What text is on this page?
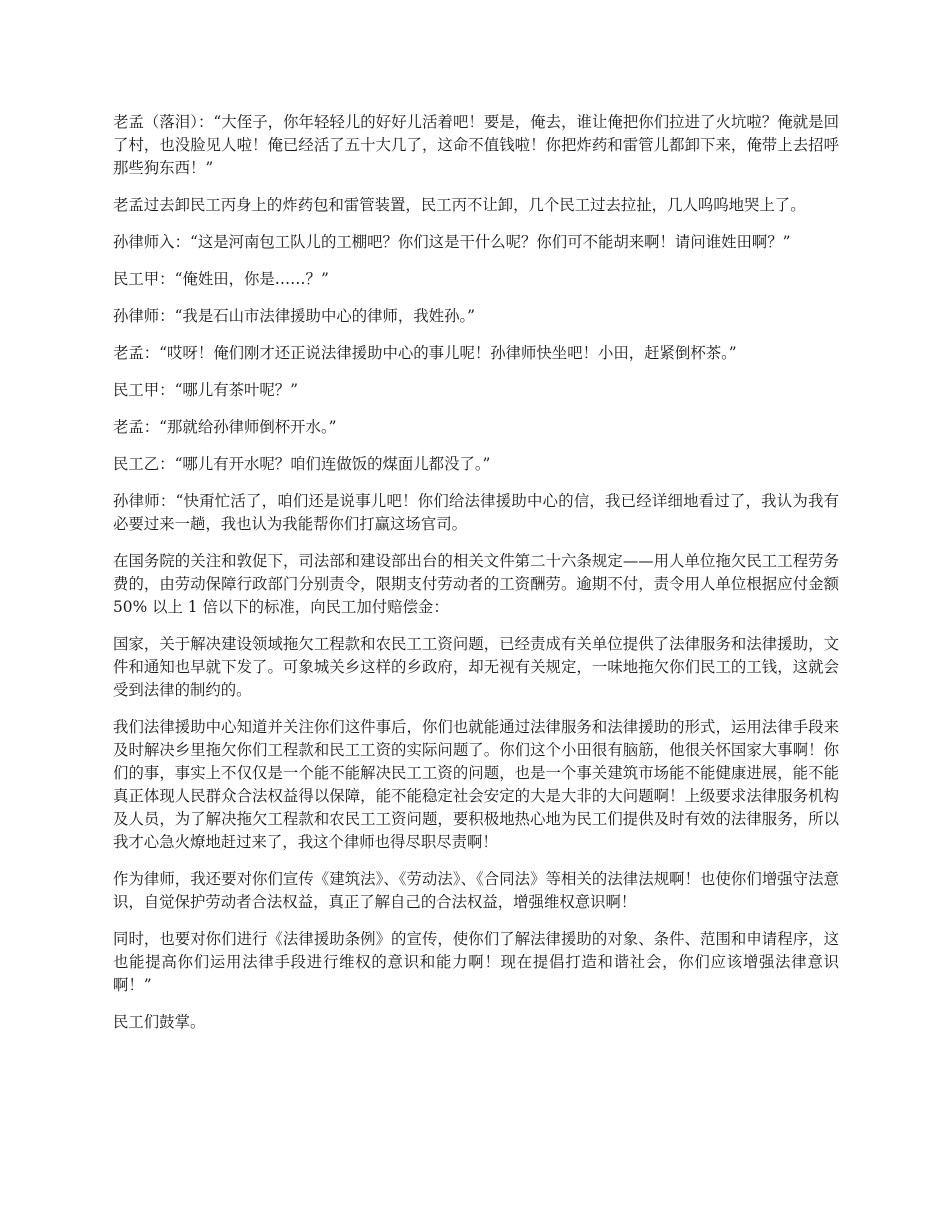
老孟（落泪）：“大侄子，你年轻轻儿的好好儿活着吧！要是，俺去，谁让俺把你们拉进了火坑啦？俺就是回了村，也没脸见人啦！俺已经活了五十大几了，这命不值钱啦！你把炸药和雷管儿都卸下来，俺带上去招呼那些狗东西！”

老孟过去卸民工丙身上的炸药包和雷管装置，民工丙不让卸，几个民工过去拉扯，几人呜呜地哭上了。

孙律师入：“这是河南包工队儿的工棚吧？你们这是干什么呢？你们可不能胡来啊！请问谁姓田啊？”

民工甲：“俺姓田，你是……？”

孙律师：“我是石山市法律援助中心的律师，我姓孙。”

老孟：“哎呀！俺们刚才还正说法律援助中心的事儿呢！孙律师快坐吧！小田，赶紧倒杯茶。”

民工甲：“哪儿有茶叶呢？”

老孟：“那就给孙律师倒杯开水。”

民工乙：“哪儿有开水呢？咱们连做饭的煤面儿都没了。”

孙律师：“快甭忙活了，咱们还是说事儿吧！你们给法律援助中心的信，我已经详细地看过了，我认为我有必要过来一趟，我也认为我能帮你们打赢这场官司。

在国务院的关注和敦促下，司法部和建设部出台的相关文件第二十六条规定——用人单位拖欠民工工程劳务费的，由劳动保障行政部门分别责令，限期支付劳动者的工资酬劳。逾期不付，责令用人单位根据应付金额 50% 以上 1 倍以下的标准，向民工加付赔偿金：

国家，关于解决建设领域拖欠工程款和农民工工资问题，已经责成有关单位提供了法律服务和法律援助，文件和通知也早就下发了。可象城关乡这样的乡政府，却无视有关规定，一味地拖欠你们民工的工钱，这就会受到法律的制约的。

我们法律援助中心知道并关注你们这件事后，你们也就能通过法律服务和法律援助的形式，运用法律手段来及时解决乡里拖欠你们工程款和民工工资的实际问题了。你们这个小田很有脑筋，他很关怀国家大事啊！你们的事，事实上不仅仅是一个能不能解决民工工资的问题，也是一个事关建筑市场能不能健康进展，能不能真正体现人民群众合法权益得以保障，能不能稳定社会安定的大是大非的大问题啊！上级要求法律服务机构及人员，为了解决拖欠工程款和农民工工资问题，要积极地热心地为民工们提供及时有效的法律服务，所以我才心急火燎地赶过来了，我这个律师也得尽职尽责啊！

作为律师，我还要对你们宣传《建筑法》、《劳动法》、《合同法》等相关的法律法规啊！也使你们增强守法意识，自觉保护劳动者合法权益，真正了解自己的合法权益，增强维权意识啊！

同时，也要对你们进行《法律援助条例》的宣传，使你们了解法律援助的对象、条件、范围和申请程序，这也能提高你们运用法律手段进行维权的意识和能力啊！现在提倡打造和谐社会，你们应该增强法律意识啊！”

民工们鼓掌。
